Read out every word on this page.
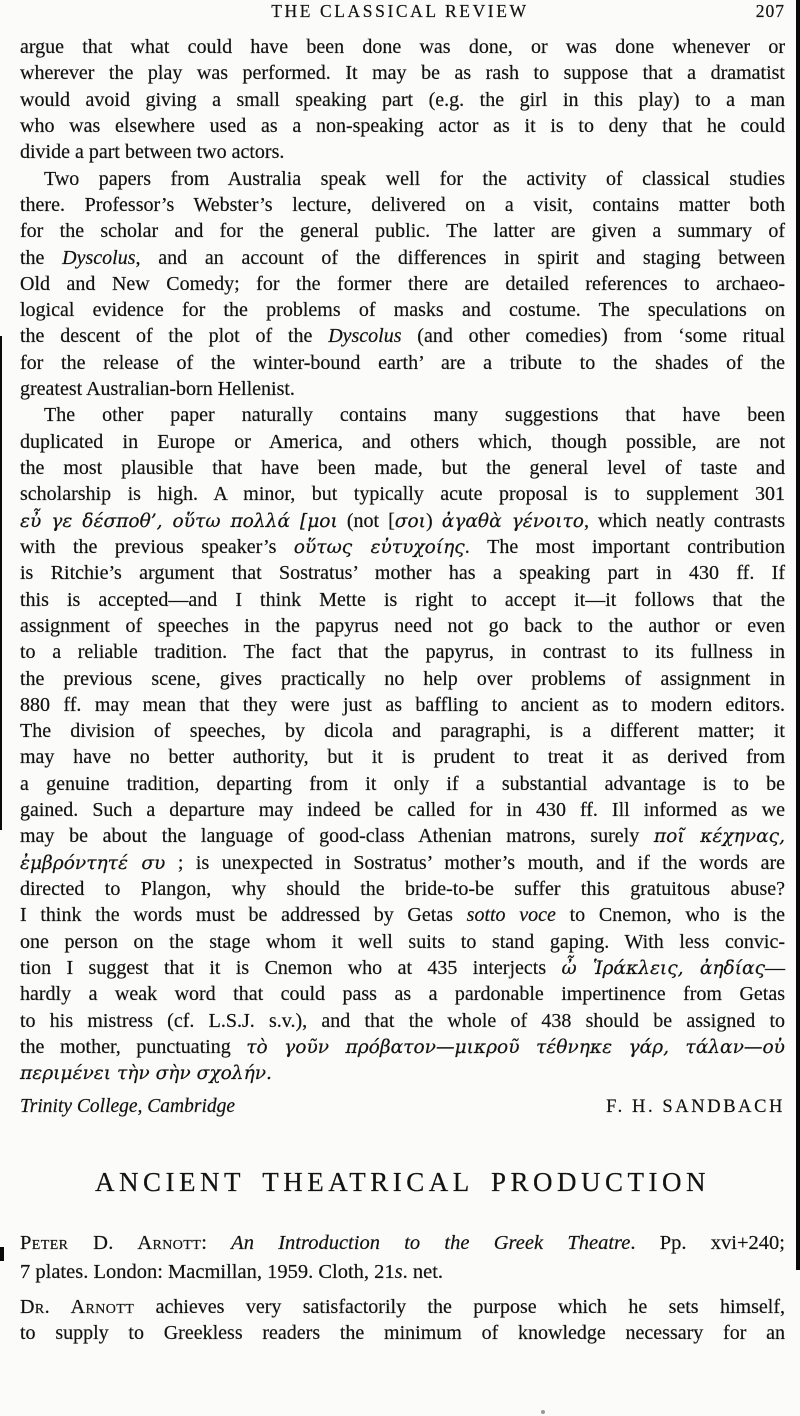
THE CLASSICAL REVIEW	207
argue that what could have been done was done, or was done whenever or
wherever the play was performed. It may be as rash to suppose that a dramatist
would avoid giving a small speaking part (e.g. the girl in this play) to a man
who was elsewhere used as a non-speaking actor as it is to deny that he could
divide a part between two actors.
Two papers from Australia speak well for the activity of classical studies
there. Professor’s Webster’s lecture, delivered on a visit, contains matter both
for the scholar and for the general public. The latter are given a summary of
the Dyscolus, and an account of the differences in spirit and staging between
Old and New Comedy; for the former there are detailed references to archaeo-
logical evidence for the problems of masks and costume. The speculations on
the descent of the plot of the Dyscolus (and other comedies) from ‘some ritual
for the release of the winter-bound earth’ are a tribute to the shades of the
greatest Australian-born Hellenist.
The other paper naturally contains many suggestions that have been
duplicated in Europe or America, and others which, though possible, are not
the most plausible that have been made, but the general level of taste and
scholarship is high. A minor, but typically acute proposal is to supplement 301
εὖ γε δέσποθ’, οὕτω πολλά [μοι (not [σοι) ἀγαθὰ γένοιτο, which neatly contrasts
with the previous speaker’s οὕτως εὐτυχοίης. The most important contribution
is Ritchie’s argument that Sostratus’ mother has a speaking part in 430 ff. If
this is accepted—and I think Mette is right to accept it—it follows that the
assignment of speeches in the papyrus need not go back to the author or even
to a reliable tradition. The fact that the papyrus, in contrast to its fullness in
the previous scene, gives practically no help over problems of assignment in
880 ff. may mean that they were just as baffling to ancient as to modern editors.
The division of speeches, by dicola and paragraphi, is a different matter; it
may have no better authority, but it is prudent to treat it as derived from
a genuine tradition, departing from it only if a substantial advantage is to be
gained. Such a departure may indeed be called for in 430 ff. Ill informed as we
may be about the language of good-class Athenian matrons, surely ποῖ κέχηνας,
ἐμβρόντητέ συ ; is unexpected in Sostratus’ mother’s mouth, and if the words are
directed to Plangon, why should the bride-to-be suffer this gratuitous abuse?
I think the words must be addressed by Getas sotto voce to Cnemon, who is the
one person on the stage whom it well suits to stand gaping. With less convic-
tion I suggest that it is Cnemon who at 435 interjects ὦ Ἱράκλεις, ἀηδίας—
hardly a weak word that could pass as a pardonable impertinence from Getas
to his mistress (cf. L.S.J. s.v.), and that the whole of 438 should be assigned to
the mother, punctuating τὸ γοῦν πρόβατον—μικροῦ τέθνηκε γάρ, τάλαν—οὐ
περιμένει τὴν σὴν σχολήν.
Trinity College, Cambridge	F. H. SANDBACH
ANCIENT THEATRICAL PRODUCTION
Peter D. Arnott: An Introduction to the Greek Theatre. Pp. xvi+240;
7 plates. London: Macmillan, 1959. Cloth, 21s. net.
Dr. Arnott achieves very satisfactorily the purpose which he sets himself,
to supply to Greekless readers the minimum of knowledge necessary for an
